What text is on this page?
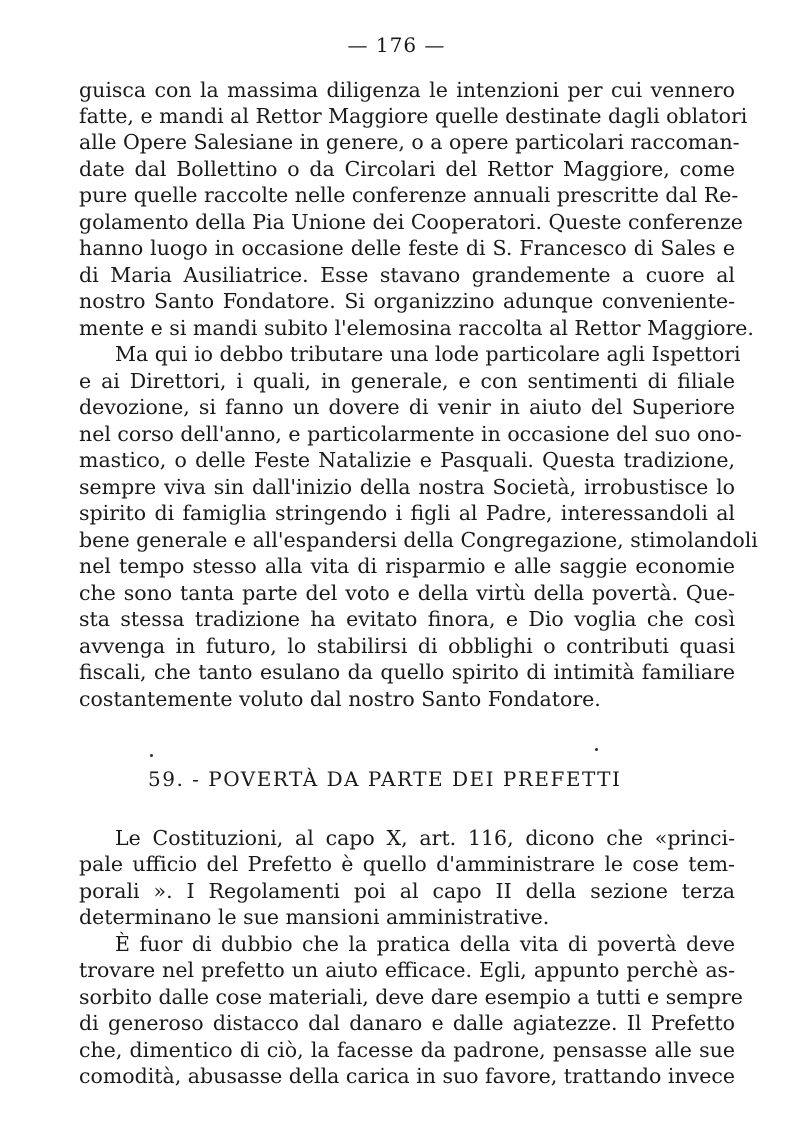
— 176 —
guisca con la massima diligenza le intenzioni per cui vennero
fatte, e mandi al Rettor Maggiore quelle destinate dagli oblatori
alle Opere Salesiane in genere, o a opere particolari raccoman-
date dal Bollettino o da Circolari del Rettor Maggiore, come
pure quelle raccolte nelle conferenze annuali prescritte dal Re-
golamento della Pia Unione dei Cooperatori. Queste conferenze
hanno luogo in occasione delle feste di S. Francesco di Sales e
di Maria Ausiliatrice. Esse stavano grandemente a cuore al
nostro Santo Fondatore. Si organizzino adunque convenientе-
mente e si mandi subito l'elemosina raccolta al Rettor Maggiore.
Ma qui io debbo tributare una lode particolare agli Ispettori
e ai Direttori, i quali, in generale, e con sentimenti di filiale
devozione, si fanno un dovere di venir in aiuto del Superiore
nel corso dell'anno, e particolarmente in occasione del suo ono-
mastico, o delle Feste Natalizie e Pasquali. Questa tradizione,
sempre viva sin dall'inizio della nostra Società, irrobustisce lo
spirito di famiglia stringendo i figli al Padre, interessandoli al
bene generale e all'espandersi della Congregazione, stimolandoli
nel tempo stesso alla vita di risparmio e alle saggie economie
che sono tanta parte del voto e della virtù della povertà. Que-
sta stessa tradizione ha evitato finora, e Dio voglia che così
avvenga in futuro, lo stabilirsi di obblighi o contributi quasi
fiscali, che tanto esulano da quello spirito di intimità familiare
costantemente voluto dal nostro Santo Fondatore.
59. - POVERTÀ DA PARTE DEI PREFETTI
Le Costituzioni, al capo X, art. 116, dicono che «princi-
pale ufficio del Prefetto è quello d'amministrare le cose tem-
porali ». I Regolamenti poi al capo II della sezione terza
determinano le sue mansioni amministrative.
È fuor di dubbio che la pratica della vita di povertà deve
trovare nel prefetto un aiuto efficace. Egli, appunto perchè as-
sorbito dalle cose materiali, deve dare esempio a tutti e sempre
di generoso distacco dal danaro e dalle agiatezze. Il Prefetto
che, dimentico di ciò, la facesse da padrone, pensasse alle sue
comodità, abusasse della carica in suo favore, trattando invece
